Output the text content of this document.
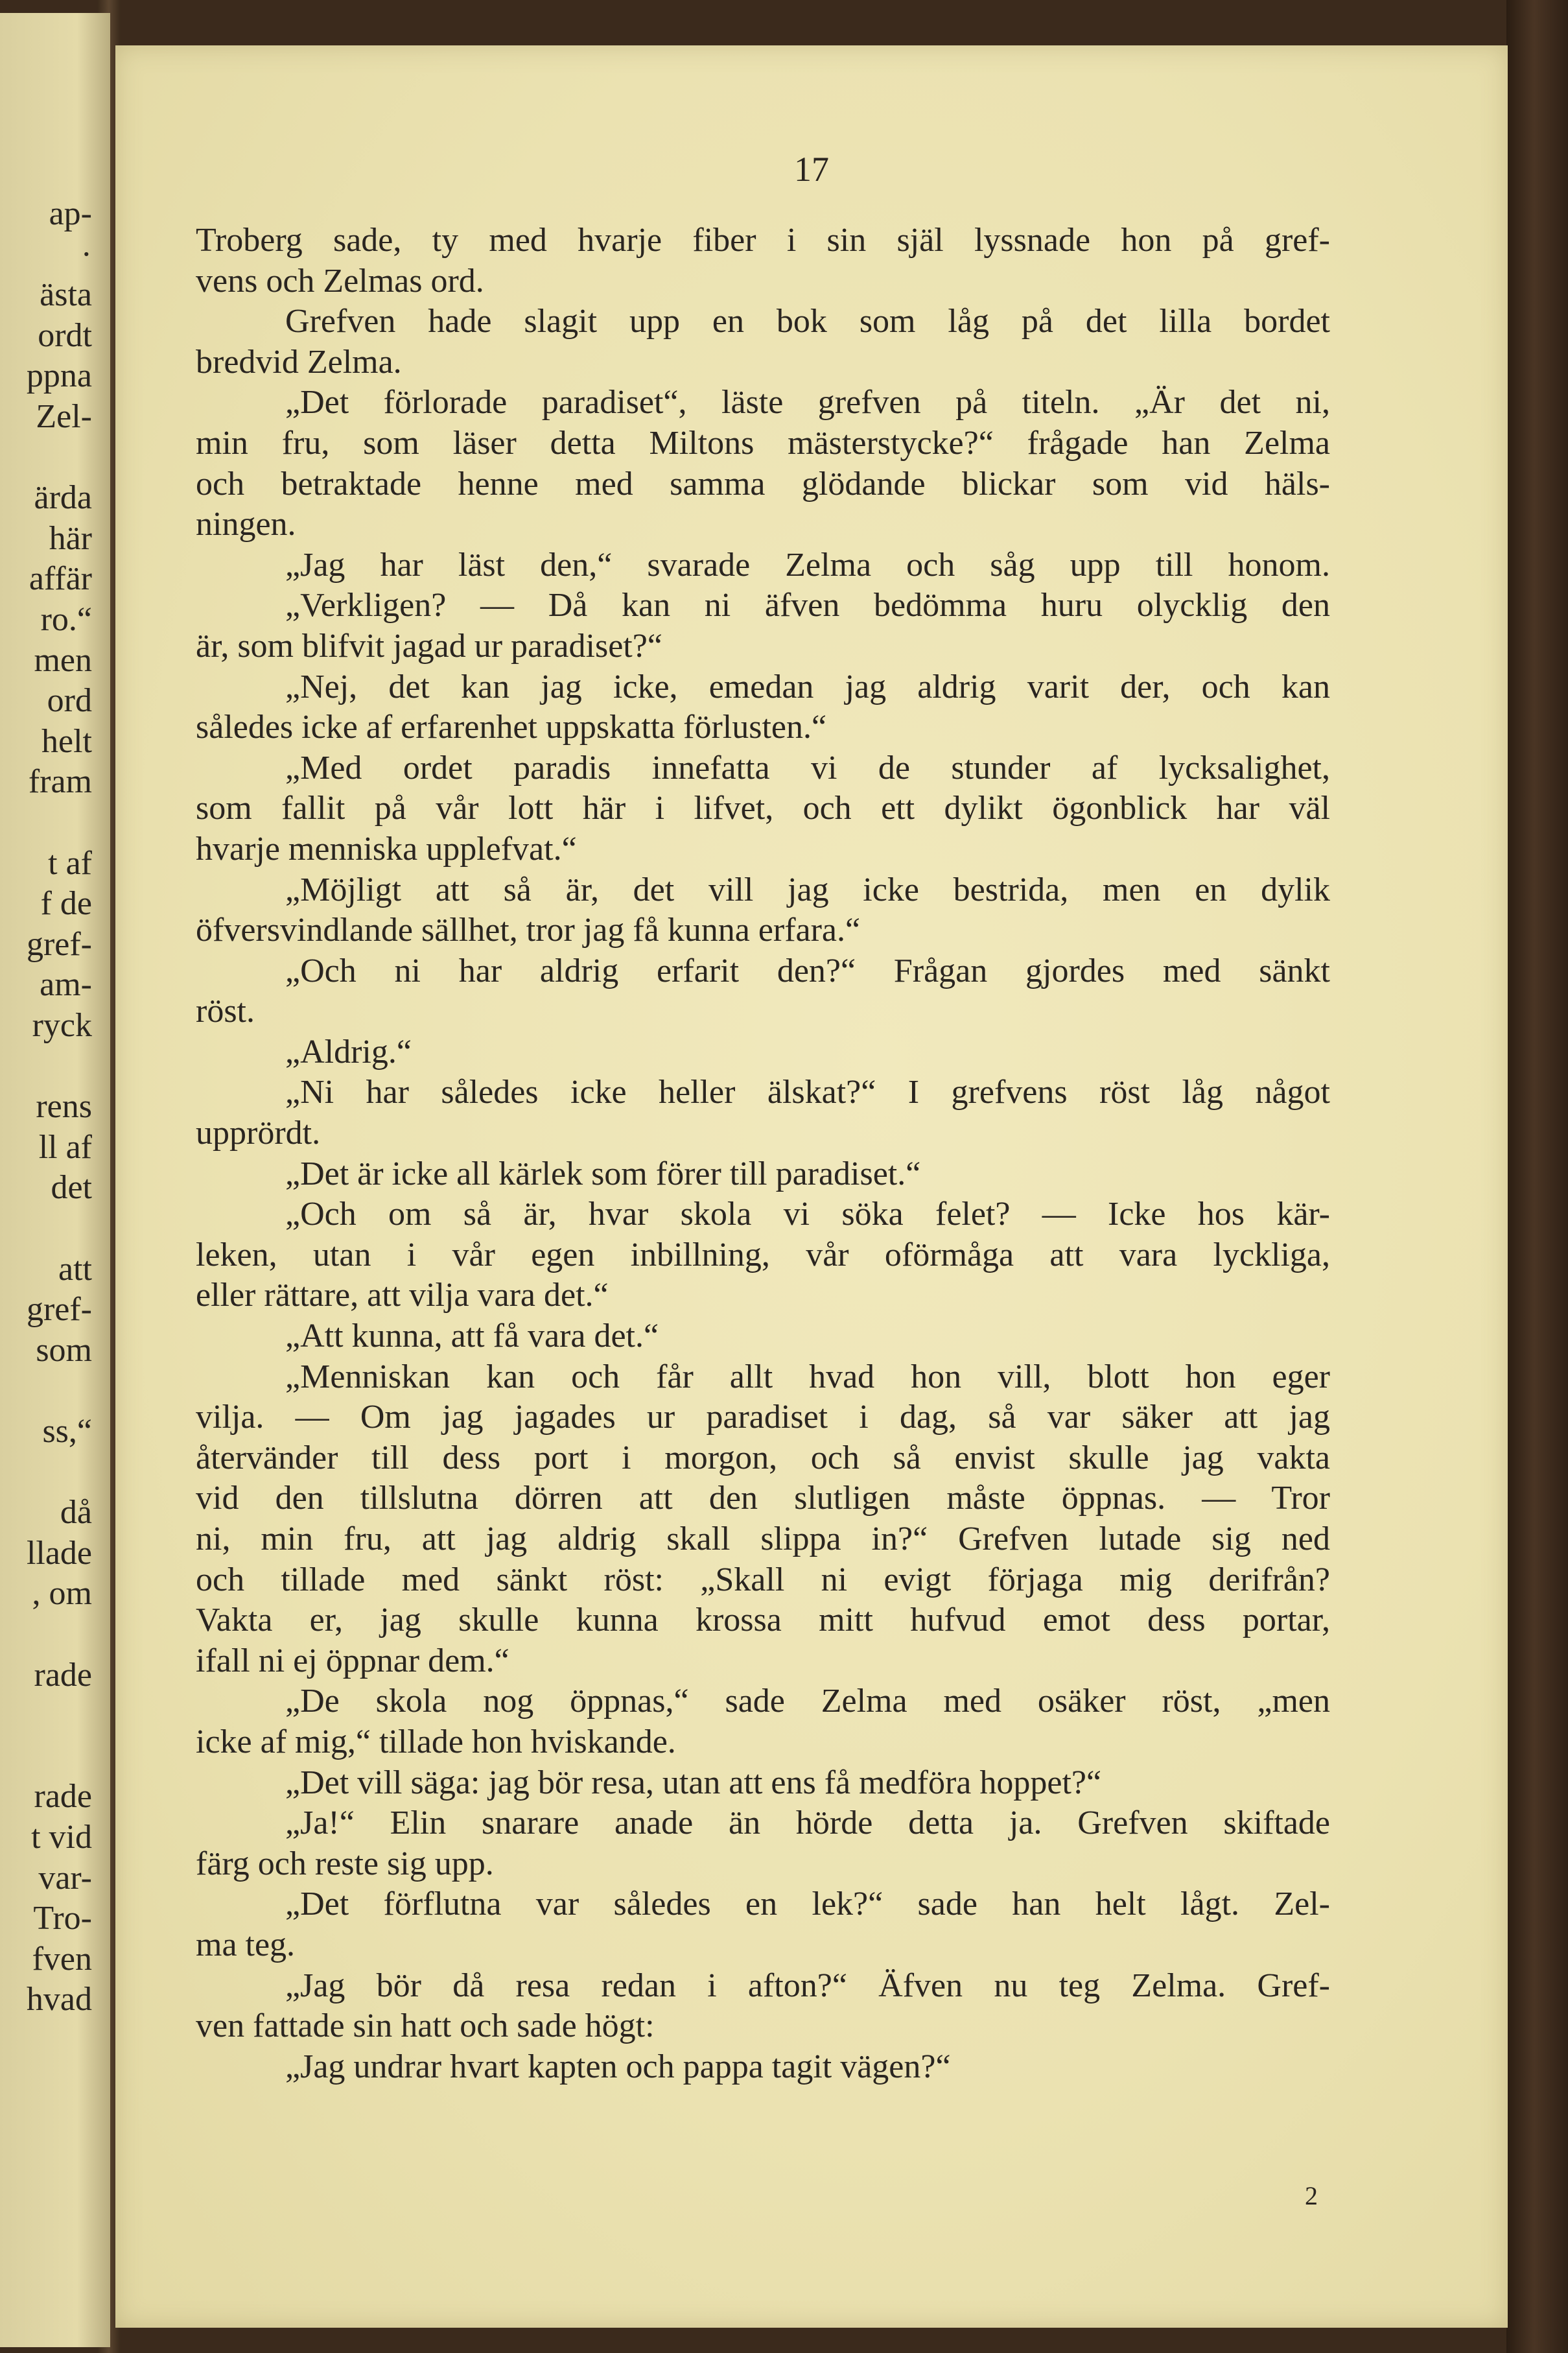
ap-
·
ästa
ordt
ppna
Zel-
ärda
här
affär
ro.“
men
ord
helt
fram
t af
f de
gref-
am-
ryck
rens
ll af
det
att
gref-
som
ss,“
då
llade
, om
rade
rade
t vid
var-
Tro-
fven
hvad
17
Troberg sade, ty med hvarje fiber i sin själ lyssnade hon på gref-
vens och Zelmas ord.
Grefven hade slagit upp en bok som låg på det lilla bordet
bredvid Zelma.
„Det förlorade paradiset“, läste grefven på titeln. „Är det ni,
min fru, som läser detta Miltons mästerstycke?“ frågade han Zelma
och betraktade henne med samma glödande blickar som vid häls-
ningen.
„Jag har läst den,“ svarade Zelma och såg upp till honom.
„Verkligen? — Då kan ni äfven bedömma huru olycklig den
är, som blifvit jagad ur paradiset?“
„Nej, det kan jag icke, emedan jag aldrig varit der, och kan
således icke af erfarenhet uppskatta förlusten.“
„Med ordet paradis innefatta vi de stunder af lycksalighet,
som fallit på vår lott här i lifvet, och ett dylikt ögonblick har väl
hvarje menniska upplefvat.“
„Möjligt att så är, det vill jag icke bestrida, men en dylik
öfversvindlande sällhet, tror jag få kunna erfara.“
„Och ni har aldrig erfarit den?“ Frågan gjordes med sänkt
röst.
„Aldrig.“
„Ni har således icke heller älskat?“ I grefvens röst låg något
upprördt.
„Det är icke all kärlek som förer till paradiset.“
„Och om så är, hvar skola vi söka felet? — Icke hos kär-
leken, utan i vår egen inbillning, vår oförmåga att vara lyckliga,
eller rättare, att vilja vara det.“
„Att kunna, att få vara det.“
„Menniskan kan och får allt hvad hon vill, blott hon eger
vilja. — Om jag jagades ur paradiset i dag, så var säker att jag
återvänder till dess port i morgon, och så envist skulle jag vakta
vid den tillslutna dörren att den slutligen måste öppnas. — Tror
ni, min fru, att jag aldrig skall slippa in?“ Grefven lutade sig ned
och tillade med sänkt röst: „Skall ni evigt förjaga mig derifrån?
Vakta er, jag skulle kunna krossa mitt hufvud emot dess portar,
ifall ni ej öppnar dem.“
„De skola nog öppnas,“ sade Zelma med osäker röst, „men
icke af mig,“ tillade hon hviskande.
„Det vill säga: jag bör resa, utan att ens få medföra hoppet?“
„Ja!“ Elin snarare anade än hörde detta ja. Grefven skiftade
färg och reste sig upp.
„Det förflutna var således en lek?“ sade han helt lågt. Zel-
ma teg.
„Jag bör då resa redan i afton?“ Äfven nu teg Zelma. Gref-
ven fattade sin hatt och sade högt:
„Jag undrar hvart kapten och pappa tagit vägen?“
2
